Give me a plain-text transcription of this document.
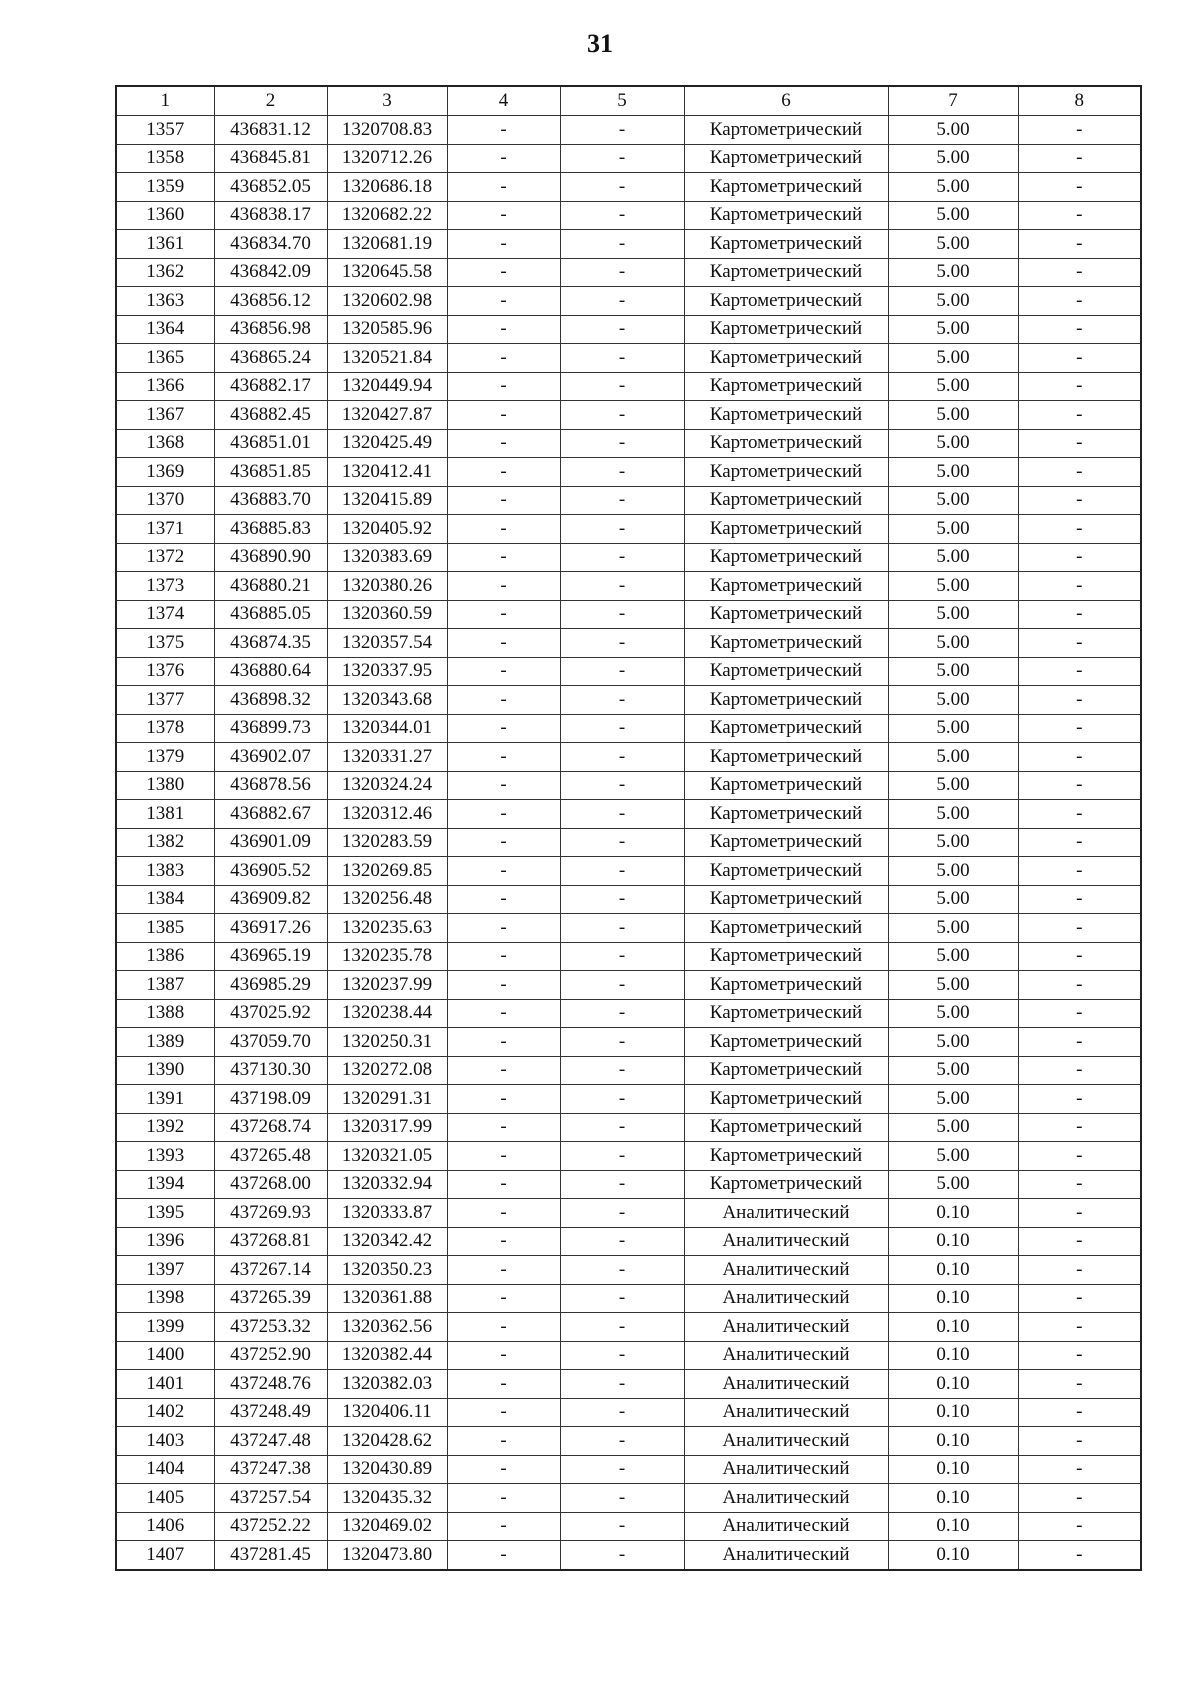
31
1	2	3	4	5	6	7	8
1357	436831.12	1320708.83	-	-	Картометрический	5.00	-
1358	436845.81	1320712.26	-	-	Картометрический	5.00	-
1359	436852.05	1320686.18	-	-	Картометрический	5.00	-
1360	436838.17	1320682.22	-	-	Картометрический	5.00	-
1361	436834.70	1320681.19	-	-	Картометрический	5.00	-
1362	436842.09	1320645.58	-	-	Картометрический	5.00	-
1363	436856.12	1320602.98	-	-	Картометрический	5.00	-
1364	436856.98	1320585.96	-	-	Картометрический	5.00	-
1365	436865.24	1320521.84	-	-	Картометрический	5.00	-
1366	436882.17	1320449.94	-	-	Картометрический	5.00	-
1367	436882.45	1320427.87	-	-	Картометрический	5.00	-
1368	436851.01	1320425.49	-	-	Картометрический	5.00	-
1369	436851.85	1320412.41	-	-	Картометрический	5.00	-
1370	436883.70	1320415.89	-	-	Картометрический	5.00	-
1371	436885.83	1320405.92	-	-	Картометрический	5.00	-
1372	436890.90	1320383.69	-	-	Картометрический	5.00	-
1373	436880.21	1320380.26	-	-	Картометрический	5.00	-
1374	436885.05	1320360.59	-	-	Картометрический	5.00	-
1375	436874.35	1320357.54	-	-	Картометрический	5.00	-
1376	436880.64	1320337.95	-	-	Картометрический	5.00	-
1377	436898.32	1320343.68	-	-	Картометрический	5.00	-
1378	436899.73	1320344.01	-	-	Картометрический	5.00	-
1379	436902.07	1320331.27	-	-	Картометрический	5.00	-
1380	436878.56	1320324.24	-	-	Картометрический	5.00	-
1381	436882.67	1320312.46	-	-	Картометрический	5.00	-
1382	436901.09	1320283.59	-	-	Картометрический	5.00	-
1383	436905.52	1320269.85	-	-	Картометрический	5.00	-
1384	436909.82	1320256.48	-	-	Картометрический	5.00	-
1385	436917.26	1320235.63	-	-	Картометрический	5.00	-
1386	436965.19	1320235.78	-	-	Картометрический	5.00	-
1387	436985.29	1320237.99	-	-	Картометрический	5.00	-
1388	437025.92	1320238.44	-	-	Картометрический	5.00	-
1389	437059.70	1320250.31	-	-	Картометрический	5.00	-
1390	437130.30	1320272.08	-	-	Картометрический	5.00	-
1391	437198.09	1320291.31	-	-	Картометрический	5.00	-
1392	437268.74	1320317.99	-	-	Картометрический	5.00	-
1393	437265.48	1320321.05	-	-	Картометрический	5.00	-
1394	437268.00	1320332.94	-	-	Картометрический	5.00	-
1395	437269.93	1320333.87	-	-	Аналитический	0.10	-
1396	437268.81	1320342.42	-	-	Аналитический	0.10	-
1397	437267.14	1320350.23	-	-	Аналитический	0.10	-
1398	437265.39	1320361.88	-	-	Аналитический	0.10	-
1399	437253.32	1320362.56	-	-	Аналитический	0.10	-
1400	437252.90	1320382.44	-	-	Аналитический	0.10	-
1401	437248.76	1320382.03	-	-	Аналитический	0.10	-
1402	437248.49	1320406.11	-	-	Аналитический	0.10	-
1403	437247.48	1320428.62	-	-	Аналитический	0.10	-
1404	437247.38	1320430.89	-	-	Аналитический	0.10	-
1405	437257.54	1320435.32	-	-	Аналитический	0.10	-
1406	437252.22	1320469.02	-	-	Аналитический	0.10	-
1407	437281.45	1320473.80	-	-	Аналитический	0.10	-
